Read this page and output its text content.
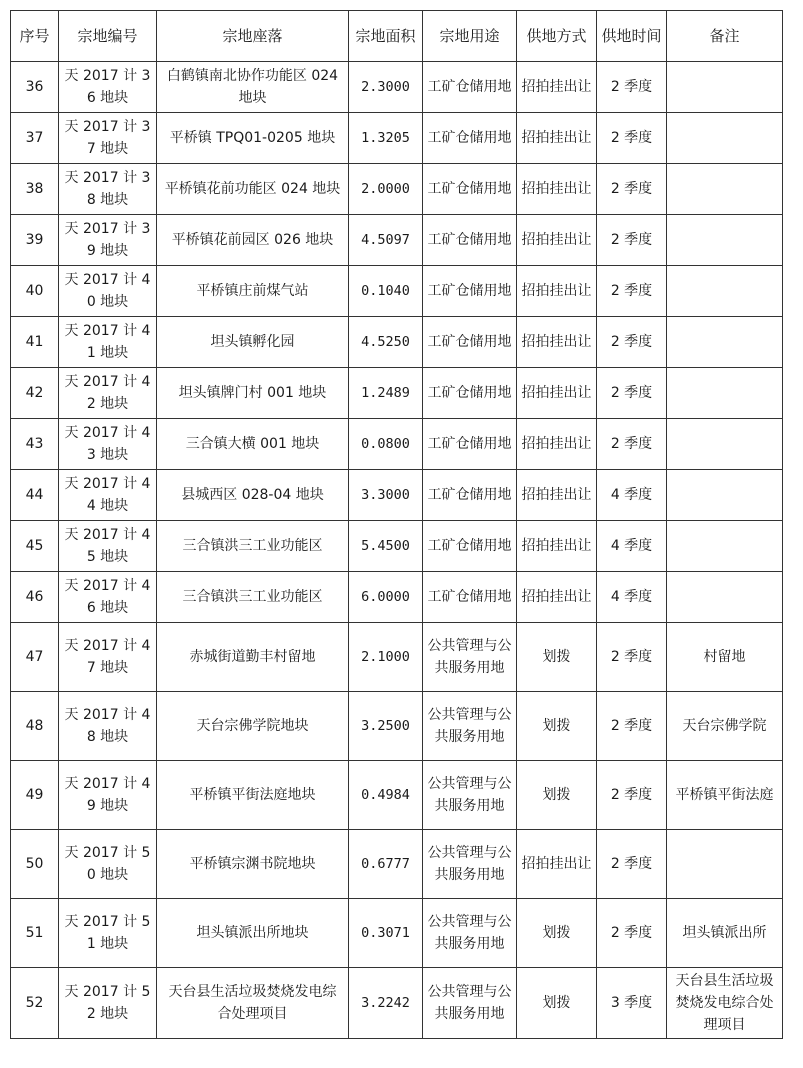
序号	宗地编号	宗地座落	宗地面积	宗地用途	供地方式	供地时间	备注
36	天 2017 计 36 地块	白鹤镇南北协作功能区 024 地块	2.3000	工矿仓储用地	招拍挂出让	2 季度	
37	天 2017 计 37 地块	平桥镇 TPQ01-0205 地块	1.3205	工矿仓储用地	招拍挂出让	2 季度	
38	天 2017 计 38 地块	平桥镇花前功能区 024 地块	2.0000	工矿仓储用地	招拍挂出让	2 季度	
39	天 2017 计 39 地块	平桥镇花前园区 026 地块	4.5097	工矿仓储用地	招拍挂出让	2 季度	
40	天 2017 计 40 地块	平桥镇庄前煤气站	0.1040	工矿仓储用地	招拍挂出让	2 季度	
41	天 2017 计 41 地块	坦头镇孵化园	4.5250	工矿仓储用地	招拍挂出让	2 季度	
42	天 2017 计 42 地块	坦头镇牌门村 001 地块	1.2489	工矿仓储用地	招拍挂出让	2 季度	
43	天 2017 计 43 地块	三合镇大横 001 地块	0.0800	工矿仓储用地	招拍挂出让	2 季度	
44	天 2017 计 44 地块	县城西区 028-04 地块	3.3000	工矿仓储用地	招拍挂出让	4 季度	
45	天 2017 计 45 地块	三合镇洪三工业功能区	5.4500	工矿仓储用地	招拍挂出让	4 季度	
46	天 2017 计 46 地块	三合镇洪三工业功能区	6.0000	工矿仓储用地	招拍挂出让	4 季度	
47	天 2017 计 47 地块	赤城街道勤丰村留地	2.1000	公共管理与公共服务用地	划拨	2 季度	村留地
48	天 2017 计 48 地块	天台宗佛学院地块	3.2500	公共管理与公共服务用地	划拨	2 季度	天台宗佛学院
49	天 2017 计 49 地块	平桥镇平街法庭地块	0.4984	公共管理与公共服务用地	划拨	2 季度	平桥镇平街法庭
50	天 2017 计 50 地块	平桥镇宗渊书院地块	0.6777	公共管理与公共服务用地	招拍挂出让	2 季度	
51	天 2017 计 51 地块	坦头镇派出所地块	0.3071	公共管理与公共服务用地	划拨	2 季度	坦头镇派出所
52	天 2017 计 52 地块	天台县生活垃圾焚烧发电综合处理项目	3.2242	公共管理与公共服务用地	划拨	3 季度	天台县生活垃圾焚烧发电综合处理项目
